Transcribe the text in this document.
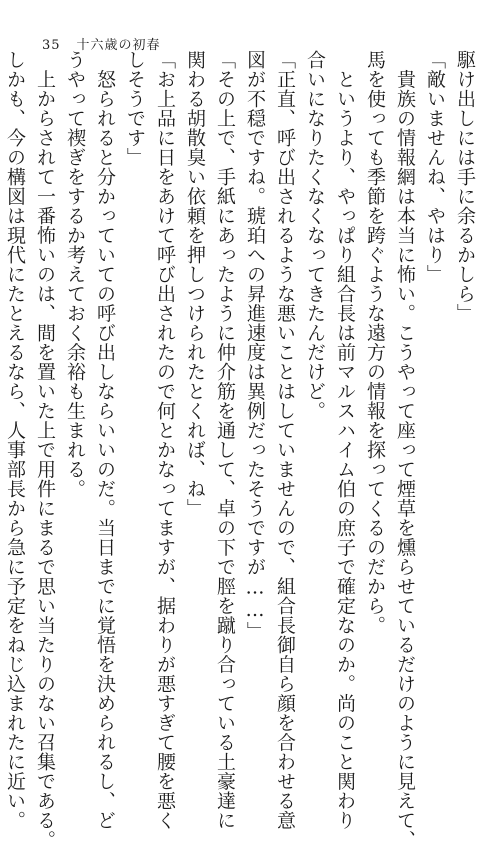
35 十六歳の初春
駆け出しには手に余るかしら」
「敵いませんね、やはり」
　貴族の情報網は本当に怖い。こうやって座って煙草を燻らせているだけのように見えて、
馬を使っても季節を跨ぐような遠方の情報を探ってくるのだから。
　というより、やっぱり組合長は前マルスハイム伯の庶子で確定なのか。尚のこと関わり
合いになりたくなくなってきたんだけど。
「正直、呼び出されるような悪いことはしていませんので、組合長御自ら顔を合わせる意
図が不穏ですね。琥珀への昇進速度は異例だったそうですが……」
「その上で、手紙にあったように仲介筋を通して、卓の下で脛を蹴り合っている土豪達に
関わる胡散臭い依頼を押しつけられたとくれば、ね」
「お上品に日をあけて呼び出されたので何とかなってますが、据わりが悪すぎて腰を悪く
しそうです」
　怒られると分かっていての呼び出しならいいのだ。当日までに覚悟を決められるし、ど
うやって禊ぎをするか考えておく余裕も生まれる。
　上からされて一番怖いのは、間を置いた上で用件にまるで思い当たりのない召集である。
しかも、今の構図は現代にたとえるなら、人事部長から急に予定をねじ込まれたに近い。
